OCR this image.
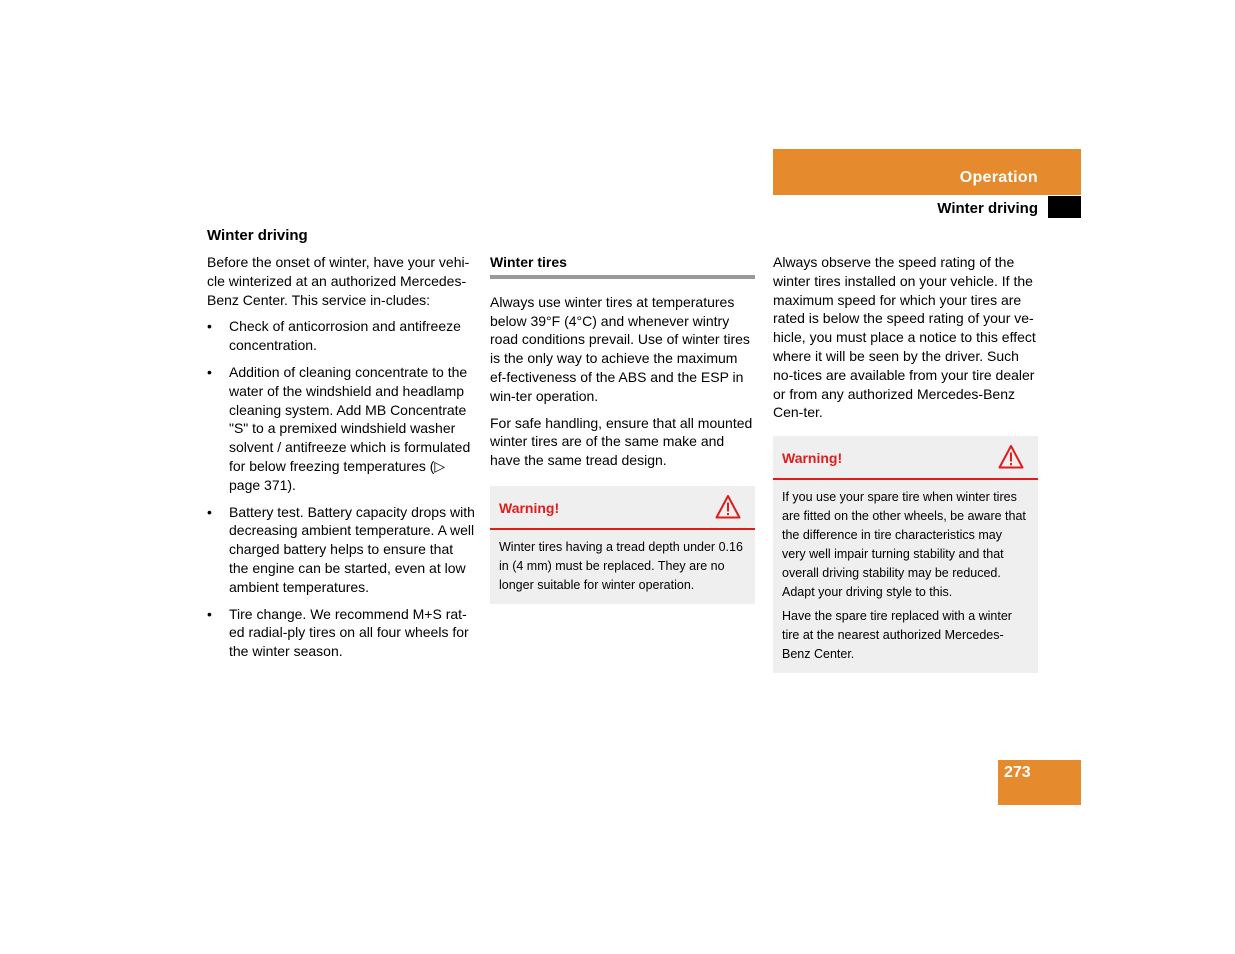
Operation
Winter driving
Winter driving

Before the onset of winter, have your vehi-cle winterized at an authorized Mercedes-Benz Center. This service in-cludes:

• Check of anticorrosion and antifreeze concentration.
• Addition of cleaning concentrate to the water of the windshield and headlamp cleaning system. Add MB Concentrate "S" to a premixed windshield washer solvent / antifreeze which is formulated for below freezing temperatures (▷ page 371).
• Battery test. Battery capacity drops with decreasing ambient temperature. A well charged battery helps to ensure that the engine can be started, even at low ambient temperatures.
• Tire change. We recommend M+S rat-ed radial-ply tires on all four wheels for the winter season.
Winter tires

Always use winter tires at temperatures below 39°F (4°C) and whenever wintry road conditions prevail. Use of winter tires is the only way to achieve the maximum ef-fectiveness of the ABS and the ESP in win-ter operation.

For safe handling, ensure that all mounted winter tires are of the same make and have the same tread design.

Warning!

Winter tires having a tread depth under 0.16 in (4 mm) must be replaced. They are no longer suitable for winter operation.

Always observe the speed rating of the winter tires installed on your vehicle. If the maximum speed for which your tires are rated is below the speed rating of your ve-hicle, you must place a notice to this effect where it will be seen by the driver. Such no-tices are available from your tire dealer or from any authorized Mercedes-Benz Cen-ter.

Warning!

If you use your spare tire when winter tires are fitted on the other wheels, be aware that the difference in tire characteristics may very well impair turning stability and that overall driving stability may be reduced. Adapt your driving style to this.

Have the spare tire replaced with a winter tire at the nearest authorized Mercedes-Benz Center.

273
